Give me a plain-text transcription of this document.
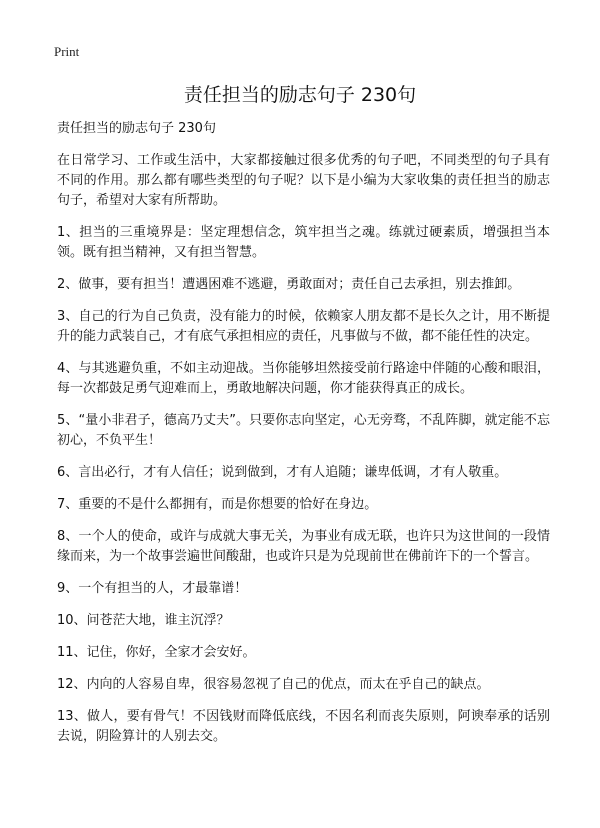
Print

责任担当的励志句子 230句

责任担当的励志句子 230句

在日常学习、工作或生活中，大家都接触过很多优秀的句子吧，不同类型的句子具有不同的作用。那么都有哪些类型的句子呢？以下是小编为大家收集的责任担当的励志句子，希望对大家有所帮助。

1、担当的三重境界是：坚定理想信念，筑牢担当之魂。练就过硬素质，增强担当本领。既有担当精神，又有担当智慧。

2、做事，要有担当！遭遇困难不逃避，勇敢面对；责任自己去承担，别去推卸。

3、自己的行为自己负责，没有能力的时候，依赖家人朋友都不是长久之计，用不断提升的能力武装自己，才有底气承担相应的责任，凡事做与不做，都不能任性的决定。

4、与其逃避负重，不如主动迎战。当你能够坦然接受前行路途中伴随的心酸和眼泪，每一次都鼓足勇气迎难而上，勇敢地解决问题，你才能获得真正的成长。

5、“量小非君子，德高乃丈夫”。只要你志向坚定，心无旁骛，不乱阵脚，就定能不忘初心，不负平生！

6、言出必行，才有人信任；说到做到，才有人追随；谦卑低调，才有人敬重。

7、重要的不是什么都拥有，而是你想要的恰好在身边。

8、一个人的使命，或许与成就大事无关，为事业有成无联，也许只为这世间的一段情缘而来，为一个故事尝遍世间酸甜，也或许只是为兑现前世在佛前许下的一个誓言。

9、一个有担当的人，才最靠谱！

10、问苍茫大地，谁主沉浮？

11、记住，你好，全家才会安好。

12、内向的人容易自卑，很容易忽视了自己的优点，而太在乎自己的缺点。

13、做人，要有骨气！不因钱财而降低底线，不因名利而丧失原则，阿谀奉承的话别去说，阴险算计的人别去交。
